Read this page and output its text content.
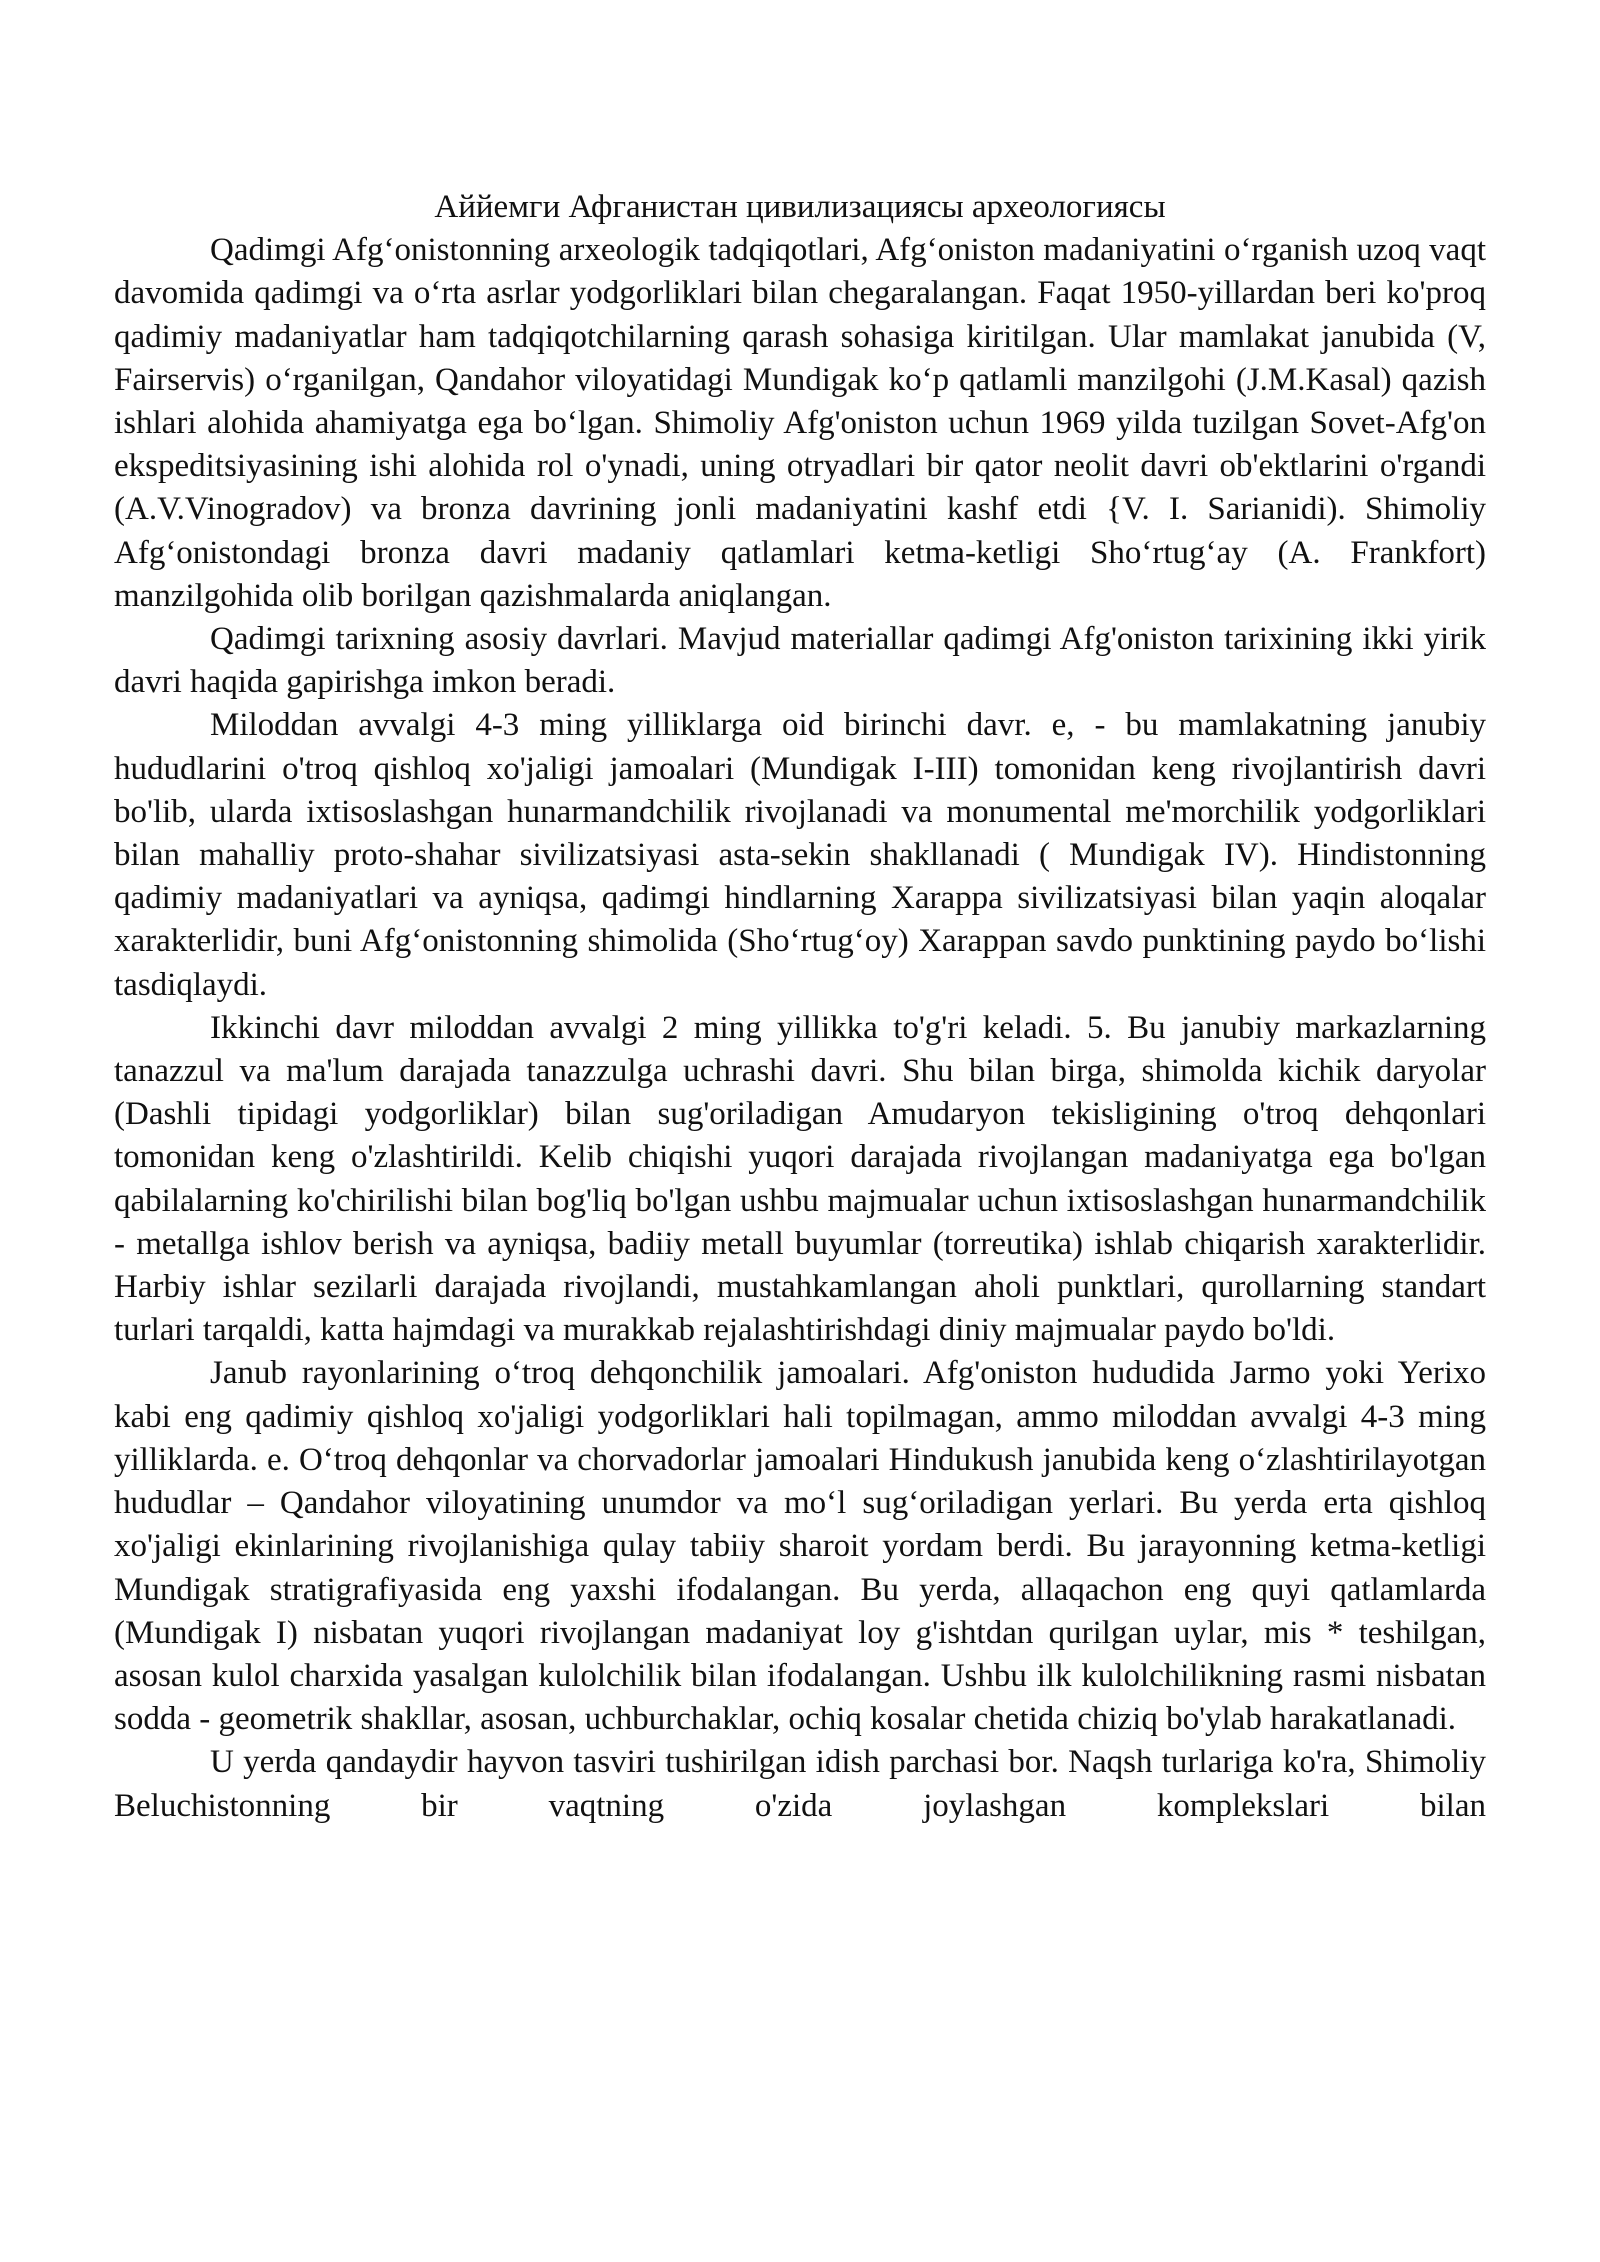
Аййемги Афганистан цивилизациясы археологиясы

Qadimgi Afg‘onistonning arxeologik tadqiqotlari, Afg‘oniston madaniyatini o‘rganish uzoq vaqt davomida qadimgi va o‘rta asrlar yodgorliklari bilan chegaralangan. Faqat 1950-yillardan beri ko'proq qadimiy madaniyatlar ham tadqiqotchilarning qarash sohasiga kiritilgan. Ular mamlakat janubida (V, Fairservis) o‘rganilgan, Qandahor viloyatidagi Mundigak ko‘p qatlamli manzilgohi (J.M.Kasal) qazish ishlari alohida ahamiyatga ega bo‘lgan. Shimoliy Afg'oniston uchun 1969 yilda tuzilgan Sovet-Afg'on ekspeditsiyasining ishi alohida rol o'ynadi, uning otryadlari bir qator neolit davri ob'ektlarini o'rgandi (A.V.Vinogradov) va bronza davrining jonli madaniyatini kashf etdi {V. I. Sarianidi). Shimoliy Afg‘onistondagi bronza davri madaniy qatlamlari ketma-ketligi Sho‘rtug‘ay (A. Frankfort) manzilgohida olib borilgan qazishmalarda aniqlangan.

Qadimgi tarixning asosiy davrlari. Mavjud materiallar qadimgi Afg'oniston tarixining ikki yirik davri haqida gapirishga imkon beradi.

Miloddan avvalgi 4-3 ming yilliklarga oid birinchi davr. e, - bu mamlakatning janubiy hududlarini o'troq qishloq xo'jaligi jamoalari (Mundigak I-III) tomonidan keng rivojlantirish davri bo'lib, ularda ixtisoslashgan hunarmandchilik rivojlanadi va monumental me'morchilik yodgorliklari bilan mahalliy proto-shahar sivilizatsiyasi asta-sekin shakllanadi ( Mundigak IV). Hindistonning qadimiy madaniyatlari va ayniqsa, qadimgi hindlarning Xarappa sivilizatsiyasi bilan yaqin aloqalar xarakterlidir, buni Afg‘onistonning shimolida (Sho‘rtug‘oy) Xarappan savdo punktining paydo bo‘lishi tasdiqlaydi.

Ikkinchi davr miloddan avvalgi 2 ming yillikka to'g'ri keladi. 5. Bu janubiy markazlarning tanazzul va ma'lum darajada tanazzulga uchrashi davri. Shu bilan birga, shimolda kichik daryolar (Dashli tipidagi yodgorliklar) bilan sug'oriladigan Amudaryon tekisligining o'troq dehqonlari tomonidan keng o'zlashtirildi. Kelib chiqishi yuqori darajada rivojlangan madaniyatga ega bo'lgan qabilalarning ko'chirilishi bilan bog'liq bo'lgan ushbu majmualar uchun ixtisoslashgan hunarmandchilik - metallga ishlov berish va ayniqsa, badiiy metall buyumlar (torreutika) ishlab chiqarish xarakterlidir. Harbiy ishlar sezilarli darajada rivojlandi, mustahkamlangan aholi punktlari, qurollarning standart turlari tarqaldi, katta hajmdagi va murakkab rejalashtirishdagi diniy majmualar paydo bo'ldi.

Janub rayonlarining o‘troq dehqonchilik jamoalari. Afg'oniston hududida Jarmo yoki Yerixo kabi eng qadimiy qishloq xo'jaligi yodgorliklari hali topilmagan, ammo miloddan avvalgi 4-3 ming yilliklarda. e. O‘troq dehqonlar va chorvadorlar jamoalari Hindukush janubida keng o‘zlashtirilayotgan hududlar – Qandahor viloyatining unumdor va mo‘l sug‘oriladigan yerlari. Bu yerda erta qishloq xo'jaligi ekinlarining rivojlanishiga qulay tabiiy sharoit yordam berdi. Bu jarayonning ketma-ketligi Mundigak stratigrafiyasida eng yaxshi ifodalangan. Bu yerda, allaqachon eng quyi qatlamlarda (Mundigak I) nisbatan yuqori rivojlangan madaniyat loy g'ishtdan qurilgan uylar, mis * teshilgan, asosan kulol charxida yasalgan kulolchilik bilan ifodalangan. Ushbu ilk kulolchilikning rasmi nisbatan sodda - geometrik shakllar, asosan, uchburchaklar, ochiq kosalar chetida chiziq bo'ylab harakatlanadi.

U yerda qandaydir hayvon tasviri tushirilgan idish parchasi bor. Naqsh turlariga ko'ra, Shimoliy Beluchistonning bir vaqtning o'zida joylashgan komplekslari bilan
